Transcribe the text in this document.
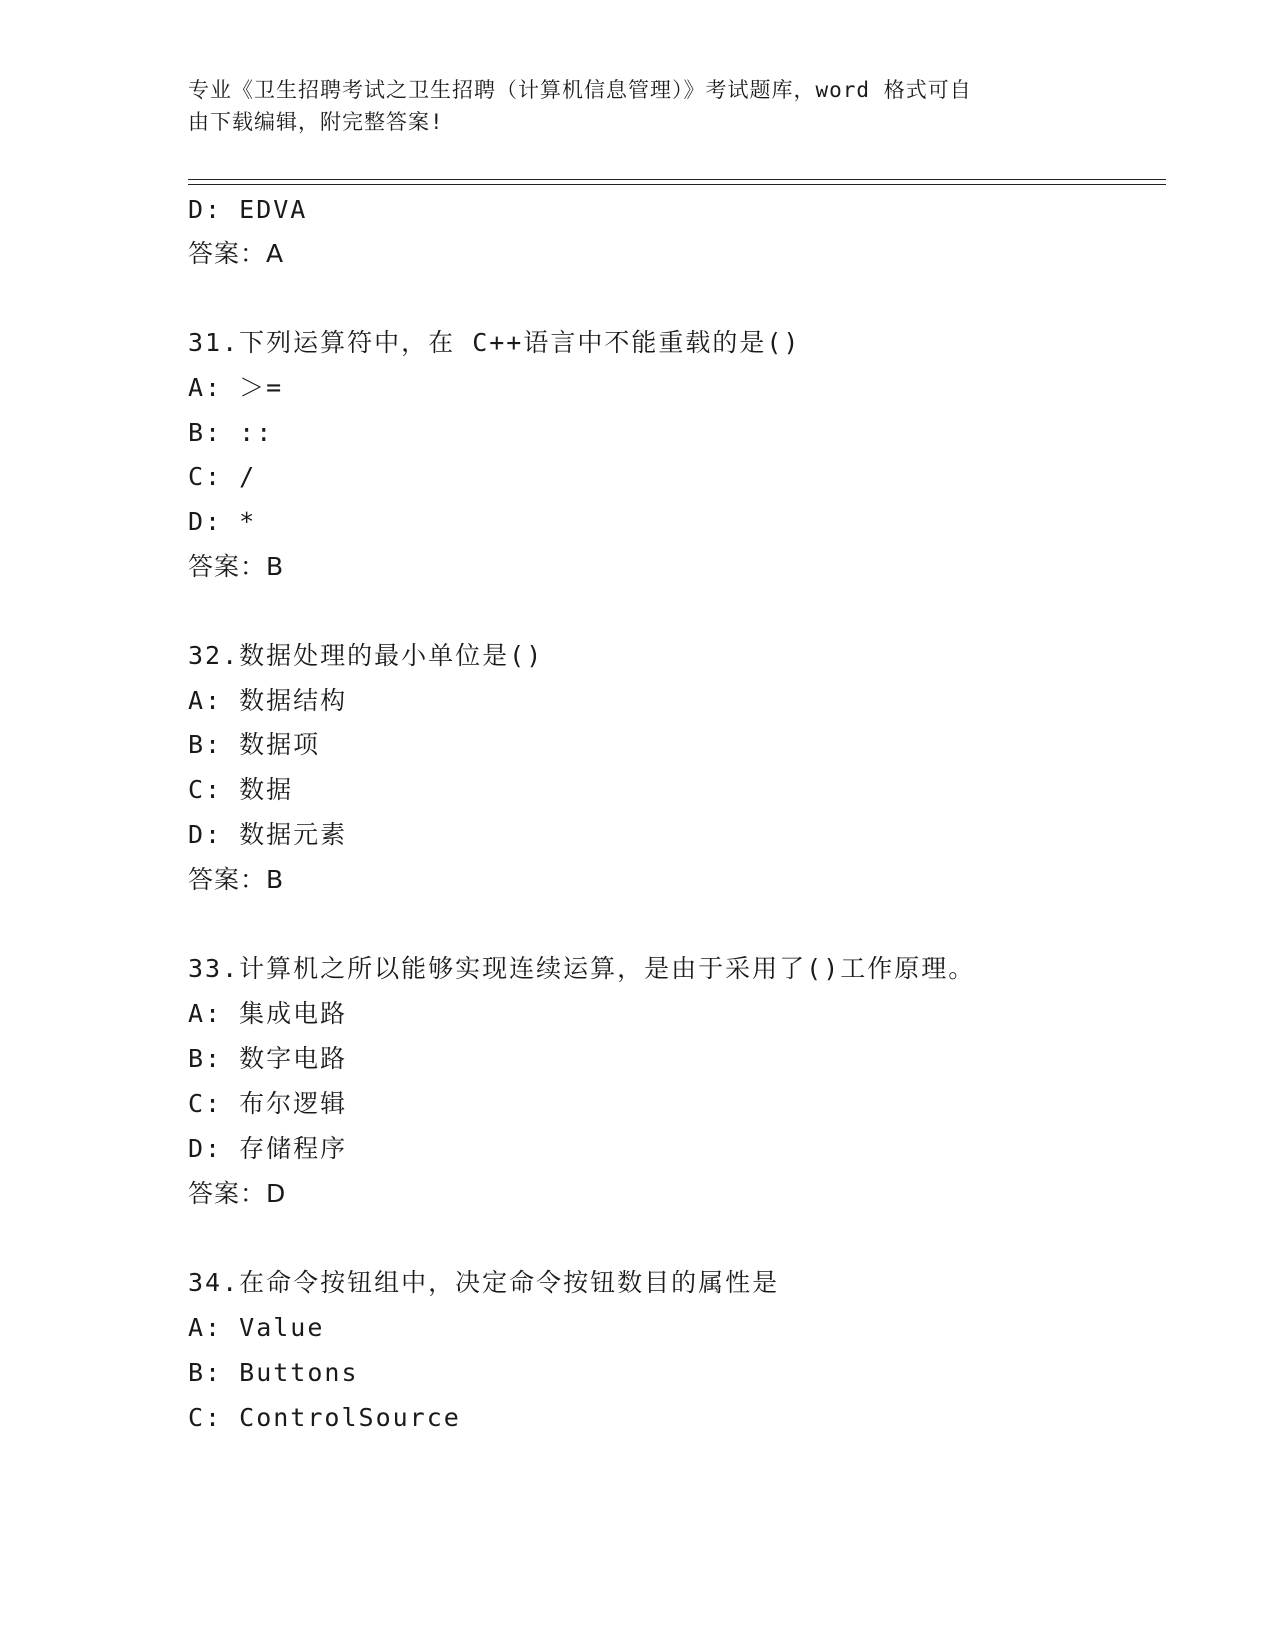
专业《卫生招聘考试之卫生招聘（计算机信息管理）》考试题库，word 格式可自
由下载编辑，附完整答案!
D: EDVA
答案：A
31.下列运算符中，在 C++语言中不能重载的是()
A: ＞=
B: ::
C: /
D: *
答案：B
32.数据处理的最小单位是()
A: 数据结构
B: 数据项
C: 数据
D: 数据元素
答案：B
33.计算机之所以能够实现连续运算，是由于采用了()工作原理。
A: 集成电路
B: 数字电路
C: 布尔逻辑
D: 存储程序
答案：D
34.在命令按钮组中，决定命令按钮数目的属性是
A: Value
B: Buttons
C: ControlSource
